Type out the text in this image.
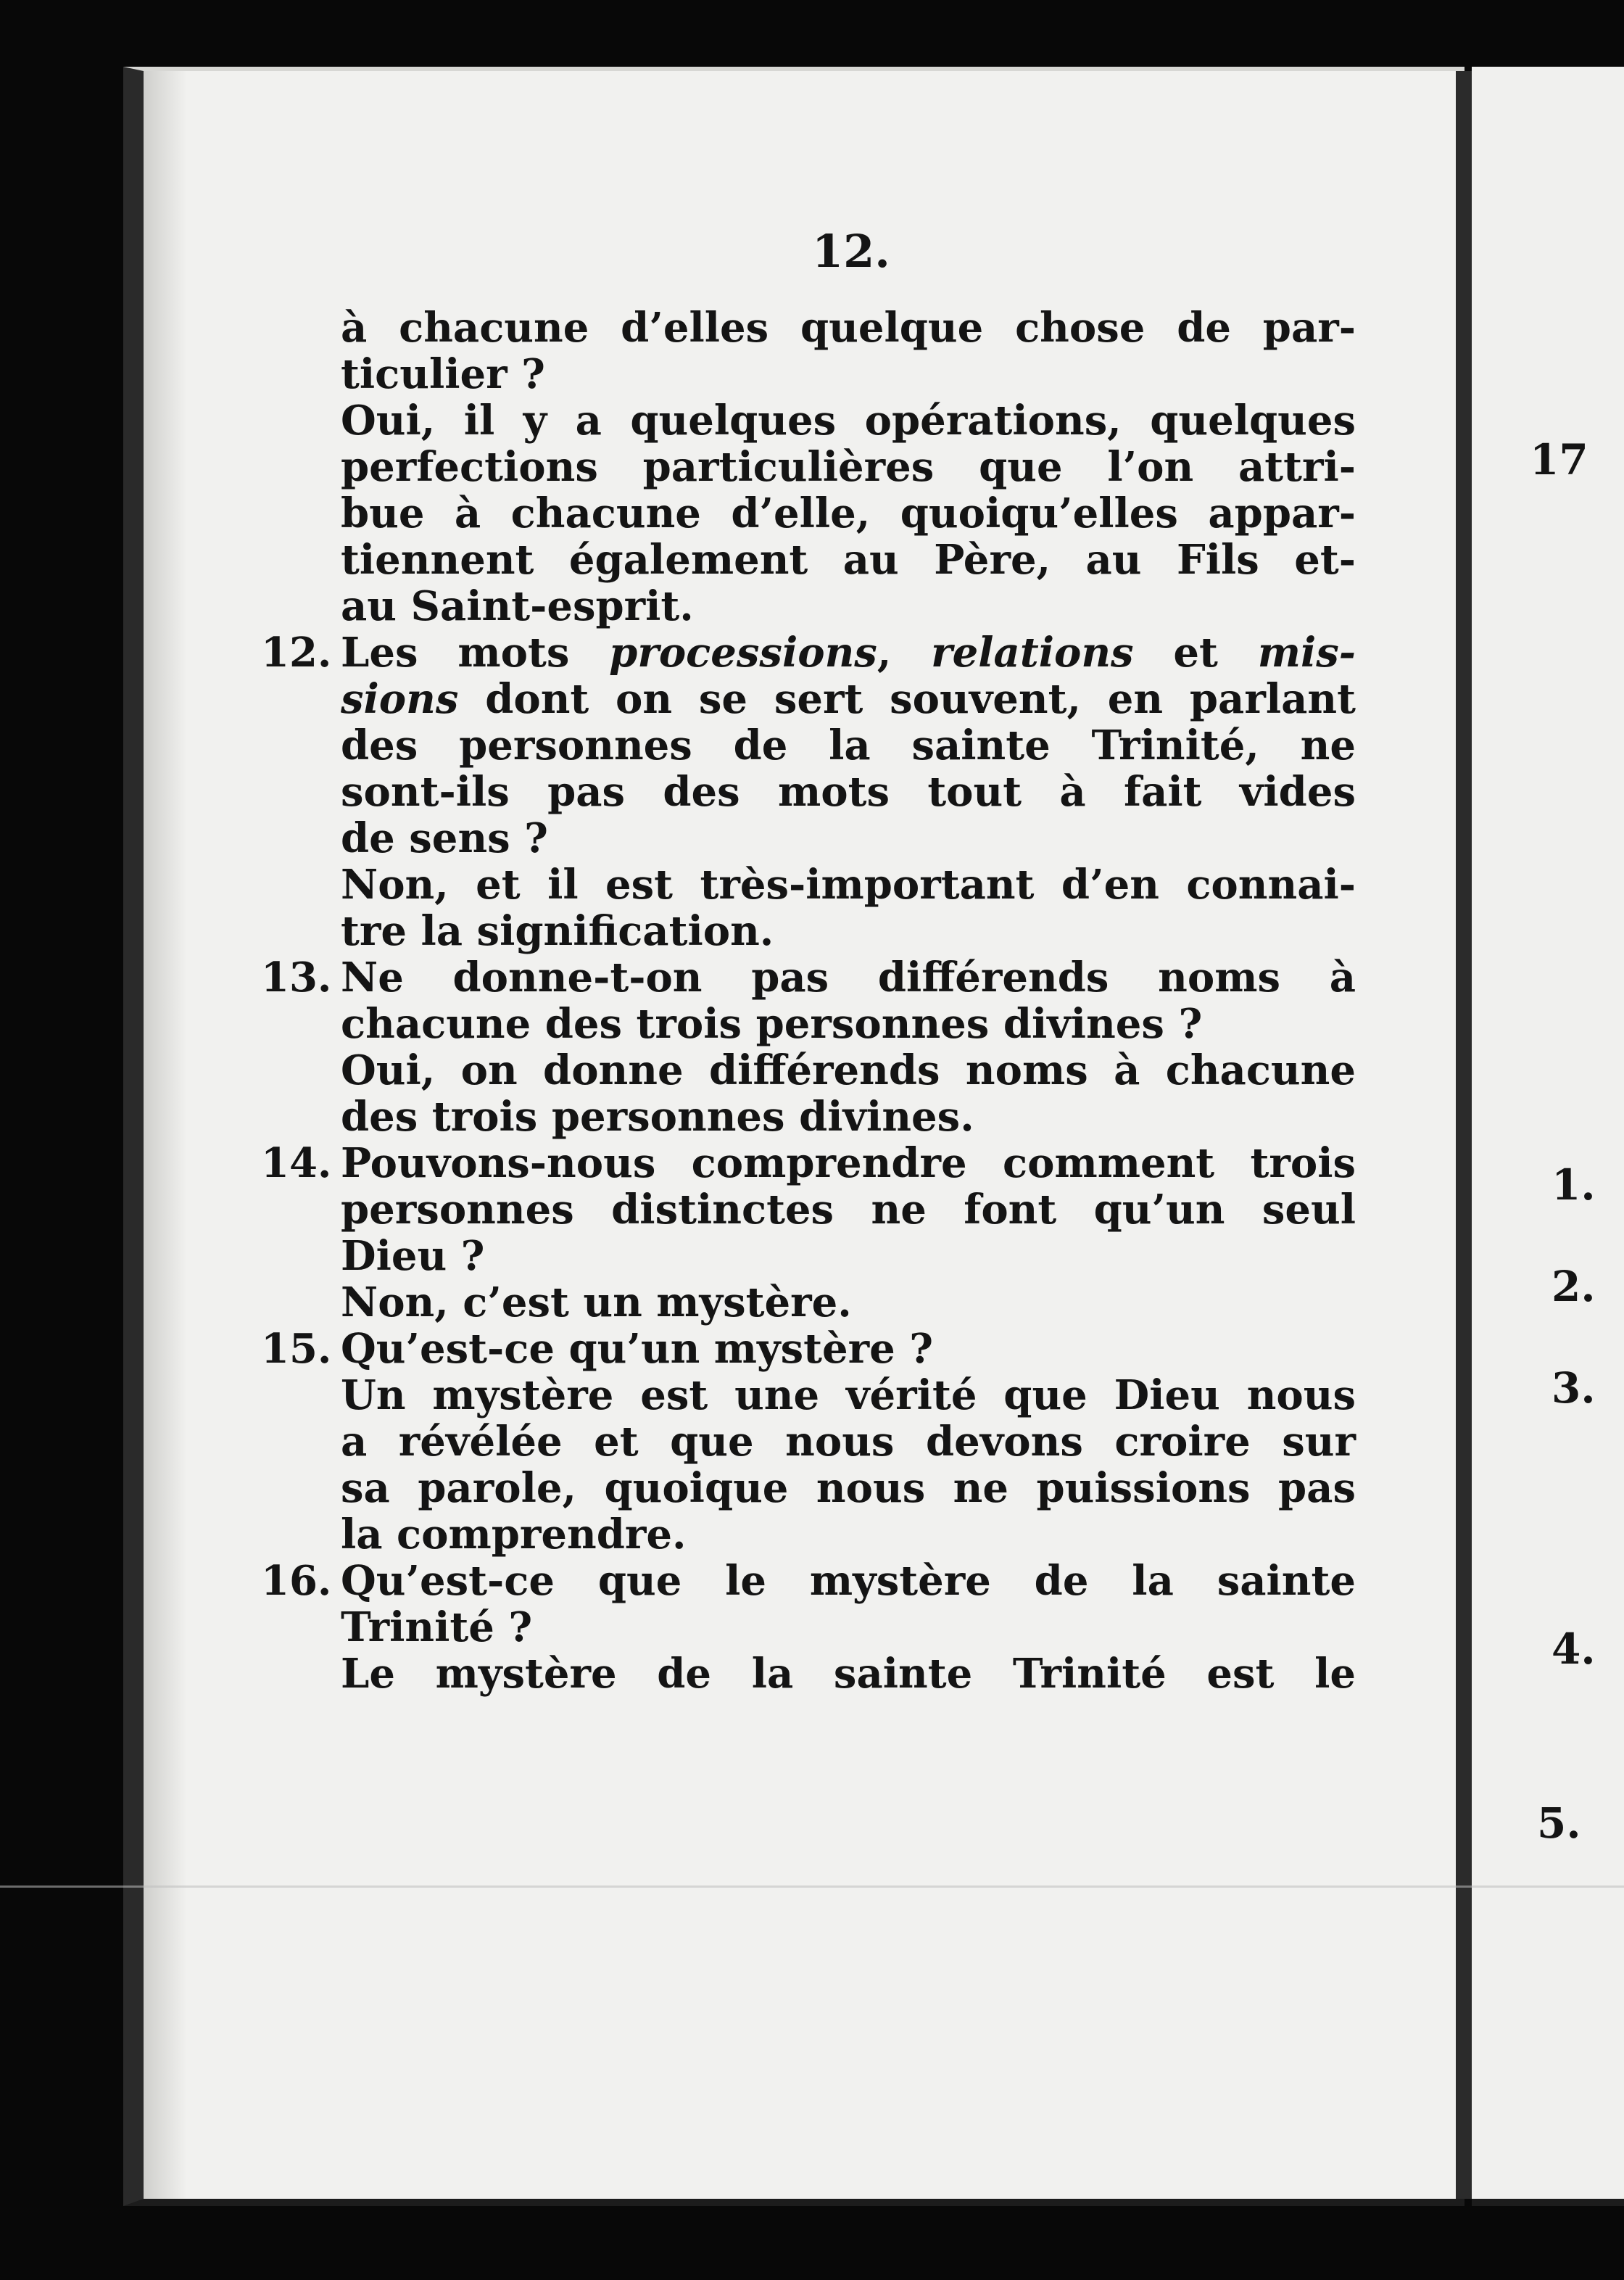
12.
à chacune d’elles quelque chose de par-
ticulier ?
Oui, il y a quelques opérations, quelques
perfections particulières que l’on attri-
bue à chacune d’elle, quoiqu’elles appar-
tiennent également au Père, au Fils et-
au Saint-esprit.
12. Les mots processions, relations et mis-
sions dont on se sert souvent, en parlant
des personnes de la sainte Trinité, ne
sont-ils pas des mots tout à fait vides
de sens ?
Non, et il est très-important d’en connai-
tre la signification.
13. Ne donne-t-on pas différends noms à
chacune des trois personnes divines ?
Oui, on donne différends noms à chacune
des trois personnes divines.
14. Pouvons-nous comprendre comment trois
personnes distinctes ne font qu’un seul
Dieu ?
Non, c’est un mystère.
15. Qu’est-ce qu’un mystère ?
Un mystère est une vérité que Dieu nous
a révélée et que nous devons croire sur
sa parole, quoique nous ne puissions pas
la comprendre.
16. Qu’est-ce que le mystère de la sainte
Trinité ?
Le mystère de la sainte Trinité est le
17
1.
2.
3.
4.
5.
